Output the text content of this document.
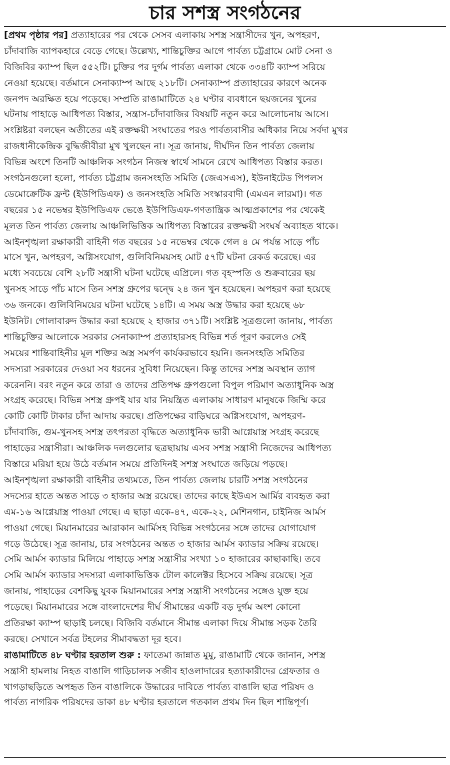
চার সশস্ত্র সংগঠনের
[প্রথম পৃষ্ঠার পর] প্রত্যাহারের পর থেকে সেসব এলাকায় সশস্ত্র সন্ত্রাসীদের খুন, অপহরণ,
চাঁদাবাজি ব্যাপকহারে বেড়ে গেছে। উল্লেখ্য, শান্তিচুক্তির আগে পার্বত্য চট্টগ্রামে মোট সেনা ও
বিজিবির ক্যাম্প ছিল ৫৫২টি। চুক্তির পর দুর্গম পার্বত্য এলাকা থেকে ৩৩৪টি ক্যাম্প সরিয়ে
নেওয়া হয়েছে। বর্তমানে সেনাক্যাম্প আছে ২১৮টি। সেনাক্যাম্প প্রত্যাহারের কারণে অনেক
জনপদ অরক্ষিত হয়ে পড়েছে। সম্প্রতি রাঙামাটিতে ২৪ ঘণ্টার ব্যবধানে ছয়জনের খুনের
ঘটনায় পাহাড়ে আধিপত্য বিস্তার, সন্ত্রাস-চাঁদাবাজির বিষয়টি নতুন করে আলোচনায় আসে।
সংশ্লিষ্টরা বলছেন অতীতের এই রক্তক্ষয়ী সংঘাতের পরও পার্বত্যবাসীর অধিকার নিয়ে সর্বদা মুখর
রাজধানীকেন্দ্রিক বুদ্ধিজীবীরা মুখ খুলছেন না। সূত্র জানায়, দীর্ঘদিন তিন পার্বত্য জেলায়
বিভিন্ন অংশে তিনটি আঞ্চলিক সংগঠন নিজস্ব স্বার্থে সামনে রেখে আধিপত্য বিস্তার করত।
সংগঠনগুলো হলো, পার্বত্য চট্টগ্রাম জনসংহতি সমিতি (জেএসএস), ইউনাইটেড পিপলস
ডেমোক্রেটিক ফ্রন্ট (ইউপিডিএফ) ও জনসংহতি সমিতি সংস্কারবাদী (এমএন লারমা)। গত
বছরের ১৫ নভেম্বর ইউপিডিএফ ভেঙে ইউপিডিএফ-গণতান্ত্রিক আত্মপ্রকাশের পর থেকেই
মূলত তিন পার্বত্য জেলায় আঞ্চলিভিত্তিক আধিপত্য বিস্তারের রক্তক্ষয়ী সংঘর্ষ অব্যাহত থাকে।
আইনশৃঙ্খলা রক্ষাকারী বাহিনী গত বছরের ১৫ নভেম্বর থেকে গেল ৪ মে পর্যন্ত সাড়ে পাঁচ
মাসে খুন, অপহরণ, অগ্নিসংযোগ, গুলিবিনিময়সহ মোট ৫৭টি ঘটনা রেকর্ড করেছে। এর
মধ্যে সবচেয়ে বেশি ২৮টি সন্ত্রাসী ঘটনা ঘটেছে এপ্রিলে। গত বৃহস্পতি ও শুক্রবারের ছয়
খুনসহ সাড়ে পাঁচ মাসে তিন সশস্ত্র গ্রুপের দ্বন্দ্বে ২৪ জন খুন হয়েছেন। অপহরণ করা হয়েছে
৩৬ জনকে। গুলিবিনিময়ের ঘটনা ঘটেছে ১৪টি। এ সময় অস্ত্র উদ্ধার করা হয়েছে ৬৮
ইউনিট। গোলাবারুদ উদ্ধার করা হয়েছে ২ হাজার ৩৭১টি। সংশ্লিষ্ট সূত্রগুলো জানায়, পার্বত্য
শান্তিচুক্তির আলোকে সরকার সেনাক্যাম্প প্রত্যাহারসহ বিভিন্ন শর্ত পূরণ করলেও সেই
সময়ের শান্তিবাহিনীর মূল শক্তির অস্ত্র সমর্পণ কার্যকরভাবে হয়নি। জনসংহতি সমিতির
সদস্যরা সরকারের দেওয়া সব ধরনের সুবিধা নিয়েছেন। কিন্তু তাদের সশস্ত্র অবস্থান ত্যাগ
করেননি। বরং নতুন করে তারা ও তাদের প্রতিপক্ষ গ্রুপগুলো বিপুল পরিমাণ অত্যাধুনিক অস্ত্র
সংগ্রহ করেছে। বিভিন্ন সশস্ত্র গ্রুপই যার যার নিয়ন্ত্রিত এলাকায় সাধারণ মানুষকে জিম্মি করে
কোটি কোটি টাকার চাঁদা আদায় করছে। প্রতিপক্ষের বাড়িঘরে অগ্নিসংযোগ, অপহরণ-
চাঁদাবাজি, গুম-খুনসহ সশস্ত্র তৎপরতা বৃদ্ধিতে অত্যাধুনিক ভারী আগ্নেয়াস্ত্র সংগ্রহ করেছে
পাহাড়ের সন্ত্রাসীরা। আঞ্চলিক দলগুলোর ছত্রছায়ায় এসব সশস্ত্র সন্ত্রাসী নিজেদের আধিপত্য
বিস্তারে মরিয়া হয়ে উঠে বর্তমান সময়ে প্রতিদিনই সশস্ত্র সংঘাতে জড়িয়ে পড়ছে।
আইনশৃঙ্খলা রক্ষাকারী বাহিনীর তথ্যমতে, তিন পার্বত্য জেলায় চারটি সশস্ত্র সংগঠনের
সদস্যের হাতে অন্তত সাড়ে ৩ হাজার অস্ত্র রয়েছে। তাদের কাছে ইউএস আর্মির ব্যবহৃত করা
এম-১৬ আগ্নেয়াস্ত্র পাওয়া গেছে। এ ছাড়া একে-৪৭, একে-২২, মেশিনগান, চাইনিজ আর্মস
পাওয়া গেছে। মিয়ানমারের আরাকান আর্মিসহ বিভিন্ন সংগঠনের সঙ্গে তাদের যোগাযোগ
গড়ে উঠেছে। সূত্র জানায়, চার সংগঠনের অন্তত ৩ হাজার আর্মস ক্যাডার সক্রিয় রয়েছে।
সেমি আর্মস ক্যাডার মিলিয়ে পাহাড়ে সশস্ত্র সন্ত্রাসীর সংখ্যা ১০ হাজারের কাছাকাছি। তবে
সেমি আর্মস ক্যাডার সদস্যরা এলাকাভিত্তিক টোল কালেক্টর হিসেবে সক্রিয় রয়েছে। সূত্র
জানায়, পাহাড়ের বেশকিছু যুবক মিয়ানমারের সশস্ত্র সন্ত্রাসী সংগঠনের সঙ্গেও যুক্ত হয়ে
পড়েছে। মিয়ানমারের সঙ্গে বাংলাদেশের দীর্ঘ সীমান্তের একটি বড় দুর্গম অংশ কোনো
প্রতিরক্ষা ক্যাম্প ছাড়াই চলছে। বিজিবি বর্তমানে সীমান্ত এলাকা দিয়ে সীমান্ত সড়ক তৈরি
করছে। সেখানে সর্বত্র টহলের সীমাবদ্ধতা দূর হবে।
রাঙামাটিতে ৪৮ ঘণ্টার হরতাল শুরু : ফাতেমা জান্নাত মুমু, রাঙামাটি থেকে জানান, সশস্ত্র
সন্ত্রাসী হামলায় নিহত বাঙালি গাড়িচালক সজীব হাওলাদারের হত্যাকারীদের গ্রেফতার ও
খাগড়াছড়িতে অপহৃত তিন বাঙালিকে উদ্ধারের দাবিতে পার্বত্য বাঙালি ছাত্র পরিষদ ও
পার্বত্য নাগরিক পরিষদের ডাকা ৪৮ ঘণ্টার হরতালে গতকাল প্রথম দিন ছিল শান্তিপূর্ণ।
